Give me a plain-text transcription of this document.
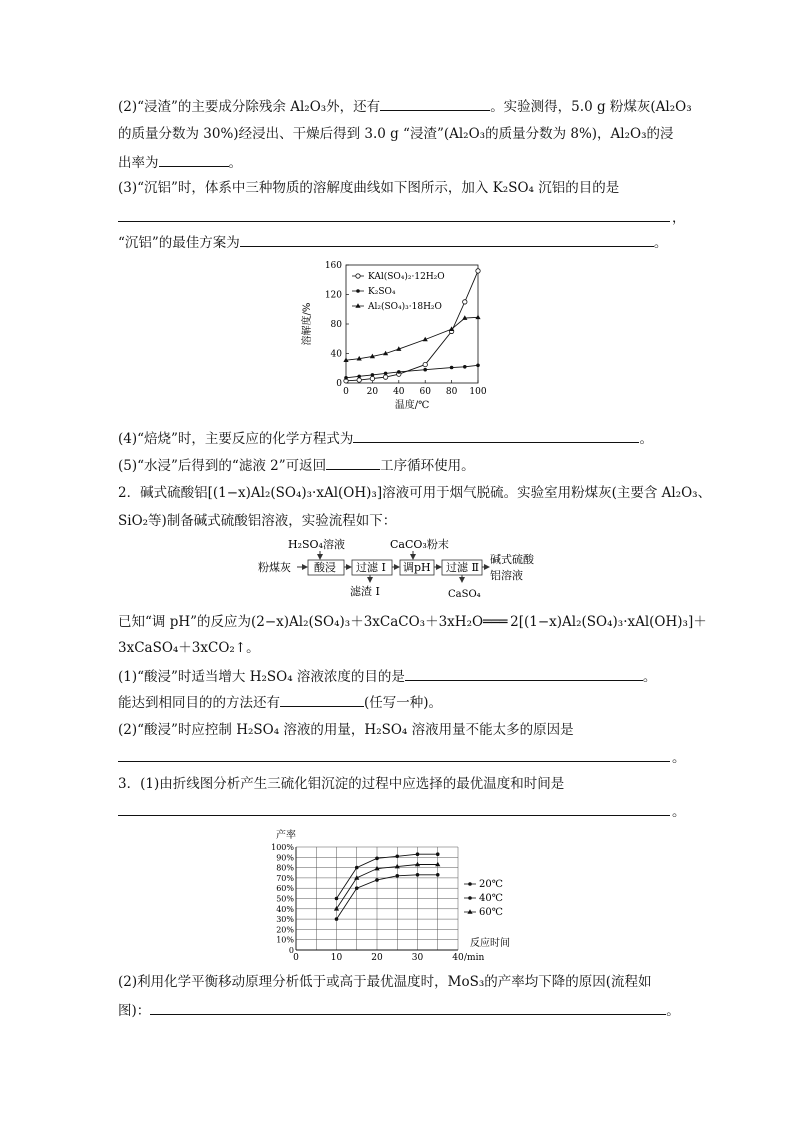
(2)“浸渣”的主要成分除残余 Al₂O₃外，还有	。实验测得，5.0 g 粉煤灰(Al₂O₃
的质量分数为 30%)经浸出、干燥后得到 3.0 g “浸渣”(Al₂O₃的质量分数为 8%)，Al₂O₃的浸
出率为	。
(3)“沉铝”时，体系中三种物质的溶解度曲线如下图所示，加入 K₂SO₄ 沉铝的目的是
，
“沉铝”的最佳方案为	。
0 20 40 60 80 100
0
40
80
120
160
温度/℃
溶解度/%
KAl(SO₄)₂·12H₂O
K₂SO₄
Al₂(SO₄)₃·18H₂O
(4)“焙烧”时，主要反应的化学方程式为	。
(5)“水浸”后得到的“滤液 2”可返回	工序循环使用。
2．碱式硫酸铝[(1−x)Al₂(SO₄)₃·xAl(OH)₃]溶液可用于烟气脱硫。实验室用粉煤灰(主要含 Al₂O₃、
SiO₂等)制备碱式硫酸铝溶液，实验流程如下：
H₂SO₄溶液	CaCO₃粉末
粉煤灰 酸浸 过滤 Ⅰ
滤渣 Ⅰ
调pH 过滤 Ⅱ
CaSO₄
碱式硫酸
铝溶液
已知“调 pH”的反应为(2−x)Al₂(SO₄)₃＋3xCaCO₃＋3xH₂O═══ 2[(1−x)Al₂(SO₄)₃·xAl(OH)₃]＋
3xCaSO₄＋3xCO₂↑。
(1)“酸浸”时适当增大 H₂SO₄ 溶液浓度的目的是	。
能达到相同目的的方法还有	(任写一种)。
(2)“酸浸”时应控制 H₂SO₄ 溶液的用量，H₂SO₄ 溶液用量不能太多的原因是
。
3．(1)由折线图分析产生三硫化钼沉淀的过程中应选择的最优温度和时间是
。
产率
0
10%
20%
30%
40%
50%
60%
70%
80%
90%
100%
0	10	20	30	40 /min
反应时间
20℃
40℃
60℃
(2)利用化学平衡移动原理分析低于或高于最优温度时，MoS₃的产率均下降的原因(流程如
图)：	。
